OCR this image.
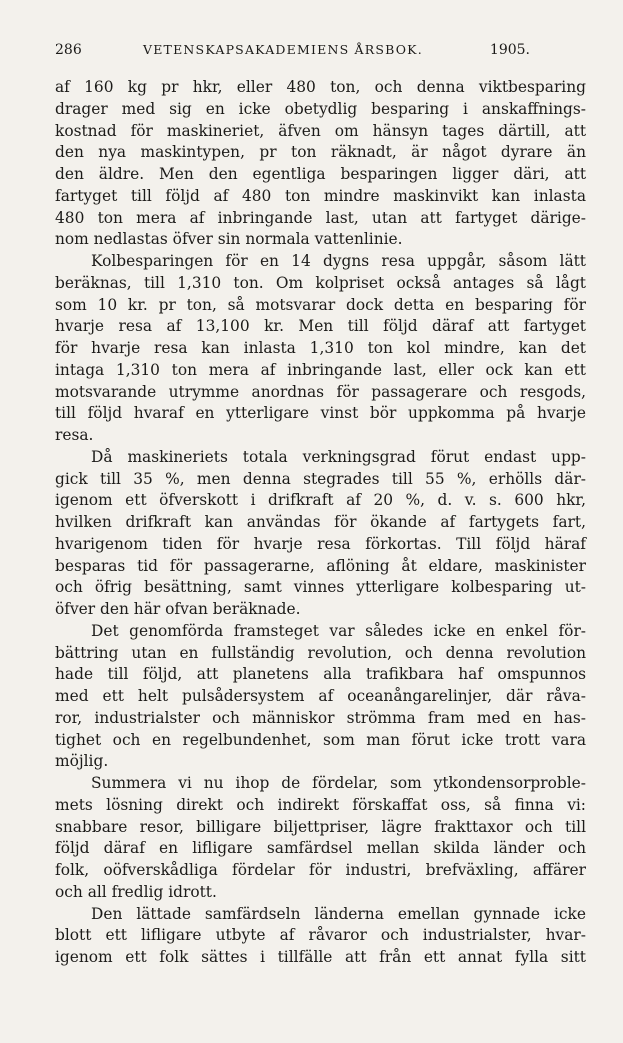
286	VETENSKAPSAKADEMIENS ÅRSBOK.	1905.
af 160 kg pr hkr, eller 480 ton, och denna viktbesparing
drager med sig en icke obetydlig besparing i anskaffnings-
kostnad för maskineriet, äfven om hänsyn tages därtill, att
den nya maskintypen, pr ton räknadt, är något dyrare än
den äldre. Men den egentliga besparingen ligger däri, att
fartyget till följd af 480 ton mindre maskinvikt kan inlasta
480 ton mera af inbringande last, utan att fartyget därige-
nom nedlastas öfver sin normala vattenlinie.
Kolbesparingen för en 14 dygns resa uppgår, såsom lätt
beräknas, till 1,310 ton. Om kolpriset också antages så lågt
som 10 kr. pr ton, så motsvarar dock detta en besparing för
hvarje resa af 13,100 kr. Men till följd däraf att fartyget
för hvarje resa kan inlasta 1,310 ton kol mindre, kan det
intaga 1,310 ton mera af inbringande last, eller ock kan ett
motsvarande utrymme anordnas för passagerare och resgods,
till följd hvaraf en ytterligare vinst bör uppkomma på hvarje
resa.
Då maskineriets totala verkningsgrad förut endast upp-
gick till 35 %, men denna stegrades till 55 %, erhölls där-
igenom ett öfverskott i drifkraft af 20 %, d. v. s. 600 hkr,
hvilken drifkraft kan användas för ökande af fartygets fart,
hvarigenom tiden för hvarje resa förkortas. Till följd häraf
besparas tid för passagerarne, aflöning åt eldare, maskinister
och öfrig besättning, samt vinnes ytterligare kolbesparing ut-
öfver den här ofvan beräknade.
Det genomförda framsteget var således icke en enkel för-
bättring utan en fullständig revolution, och denna revolution
hade till följd, att planetens alla trafikbara haf omspunnos
med ett helt pulsådersystem af oceanångarelinjer, där råva-
ror, industrialster och människor strömma fram med en has-
tighet och en regelbundenhet, som man förut icke trott vara
möjlig.
Summera vi nu ihop de fördelar, som ytkondensorproble-
mets lösning direkt och indirekt förskaffat oss, så finna vi:
snabbare resor, billigare biljettpriser, lägre frakttaxor och till
följd däraf en lifligare samfärdsel mellan skilda länder och
folk, oöfverskådliga fördelar för industri, brefväxling, affärer
och all fredlig idrott.
Den lättade samfärdseln länderna emellan gynnade icke
blott ett lifligare utbyte af råvaror och industrialster, hvar-
igenom ett folk sättes i tillfälle att från ett annat fylla sitt
